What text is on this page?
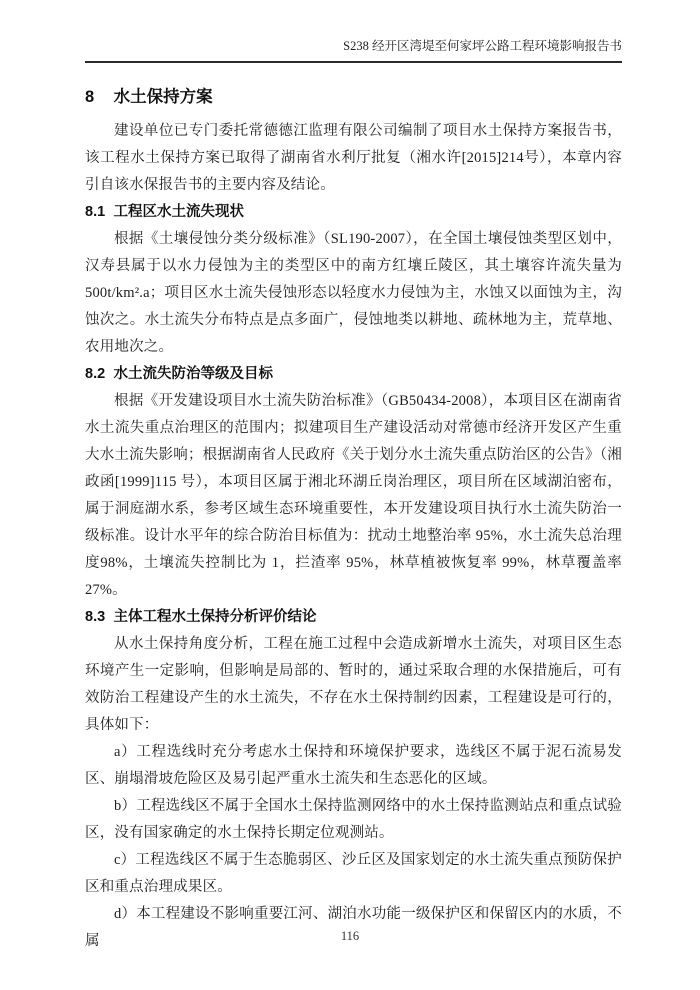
S238 经开区湾堤至何家坪公路工程环境影响报告书
8 水土保持方案

建设单位已专门委托常德德江监理有限公司编制了项目水土保持方案报告书，该工程水土保持方案已取得了湖南省水利厅批复（湘水许[2015]214号），本章内容引自该水保报告书的主要内容及结论。

8.1 工程区水土流失现状

根据《土壤侵蚀分类分级标准》（SL190-2007），在全国土壤侵蚀类型区划中，汉寿县属于以水力侵蚀为主的类型区中的南方红壤丘陵区，其土壤容许流失量为500t/km².a；项目区水土流失侵蚀形态以轻度水力侵蚀为主，水蚀又以面蚀为主，沟蚀次之。水土流失分布特点是点多面广，侵蚀地类以耕地、疏林地为主，荒草地、农用地次之。

8.2 水土流失防治等级及目标

根据《开发建设项目水土流失防治标准》（GB50434-2008），本项目区在湖南省水土流失重点治理区的范围内；拟建项目生产建设活动对常德市经济开发区产生重大水土流失影响；根据湖南省人民政府《关于划分水土流失重点防治区的公告》（湘政函[1999]115 号），本项目区属于湘北环湖丘岗治理区，项目所在区域湖泊密布，属于洞庭湖水系，参考区域生态环境重要性，本开发建设项目执行水土流失防治一级标准。设计水平年的综合防治目标值为：扰动土地整治率 95%，水土流失总治理度98%，土壤流失控制比为 1，拦渣率 95%，林草植被恢复率 99%，林草覆盖率 27%。

8.3 主体工程水土保持分析评价结论

从水土保持角度分析，工程在施工过程中会造成新增水土流失，对项目区生态环境产生一定影响，但影响是局部的、暂时的，通过采取合理的水保措施后，可有效防治工程建设产生的水土流失，不存在水土保持制约因素，工程建设是可行的，具体如下：

a）工程选线时充分考虑水土保持和环境保护要求，选线区不属于泥石流易发区、崩塌滑坡危险区及易引起严重水土流失和生态恶化的区域。

b）工程选线区不属于全国水土保持监测网络中的水土保持监测站点和重点试验区，没有国家确定的水土保持长期定位观测站。

c）工程选线区不属于生态脆弱区、沙丘区及国家划定的水土流失重点预防保护区和重点治理成果区。

d）本工程建设不影响重要江河、湖泊水功能一级保护区和保留区内的水质，不属	116
